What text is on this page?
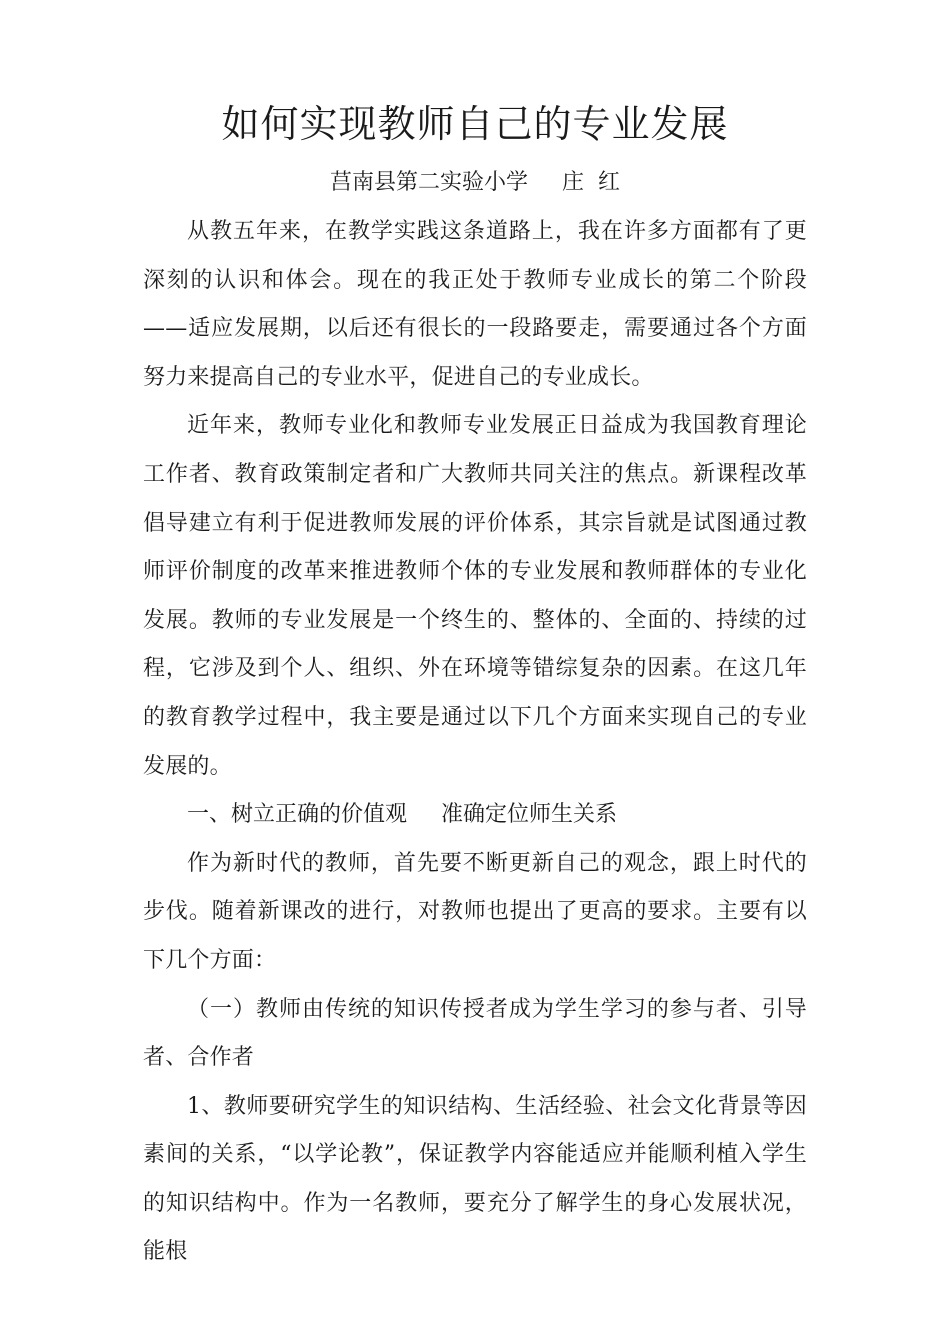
如何实现教师自己的专业发展

莒南县第二实验小学 庄  红

从教五年来，在教学实践这条道路上，我在许多方面都有了更深刻的认识和体会。现在的我正处于教师专业成长的第二个阶段——适应发展期，以后还有很长的一段路要走，需要通过各个方面努力来提高自己的专业水平，促进自己的专业成长。

近年来，教师专业化和教师专业发展正日益成为我国教育理论工作者、教育政策制定者和广大教师共同关注的焦点。新课程改革倡导建立有利于促进教师发展的评价体系，其宗旨就是试图通过教师评价制度的改革来推进教师个体的专业发展和教师群体的专业化发展。教师的专业发展是一个终生的、整体的、全面的、持续的过程，它涉及到个人、组织、外在环境等错综复杂的因素。在这几年的教育教学过程中，我主要是通过以下几个方面来实现自己的专业发展的。

一、树立正确的价值观 准确定位师生关系

作为新时代的教师，首先要不断更新自己的观念，跟上时代的步伐。随着新课改的进行，对教师也提出了更高的要求。主要有以下几个方面：

（一）教师由传统的知识传授者成为学生学习的参与者、引导者、合作者

1、教师要研究学生的知识结构、生活经验、社会文化背景等因素间的关系，“以学论教”，保证教学内容能适应并能顺利植入学生的知识结构中。作为一名教师，要充分了解学生的身心发展状况，能根
